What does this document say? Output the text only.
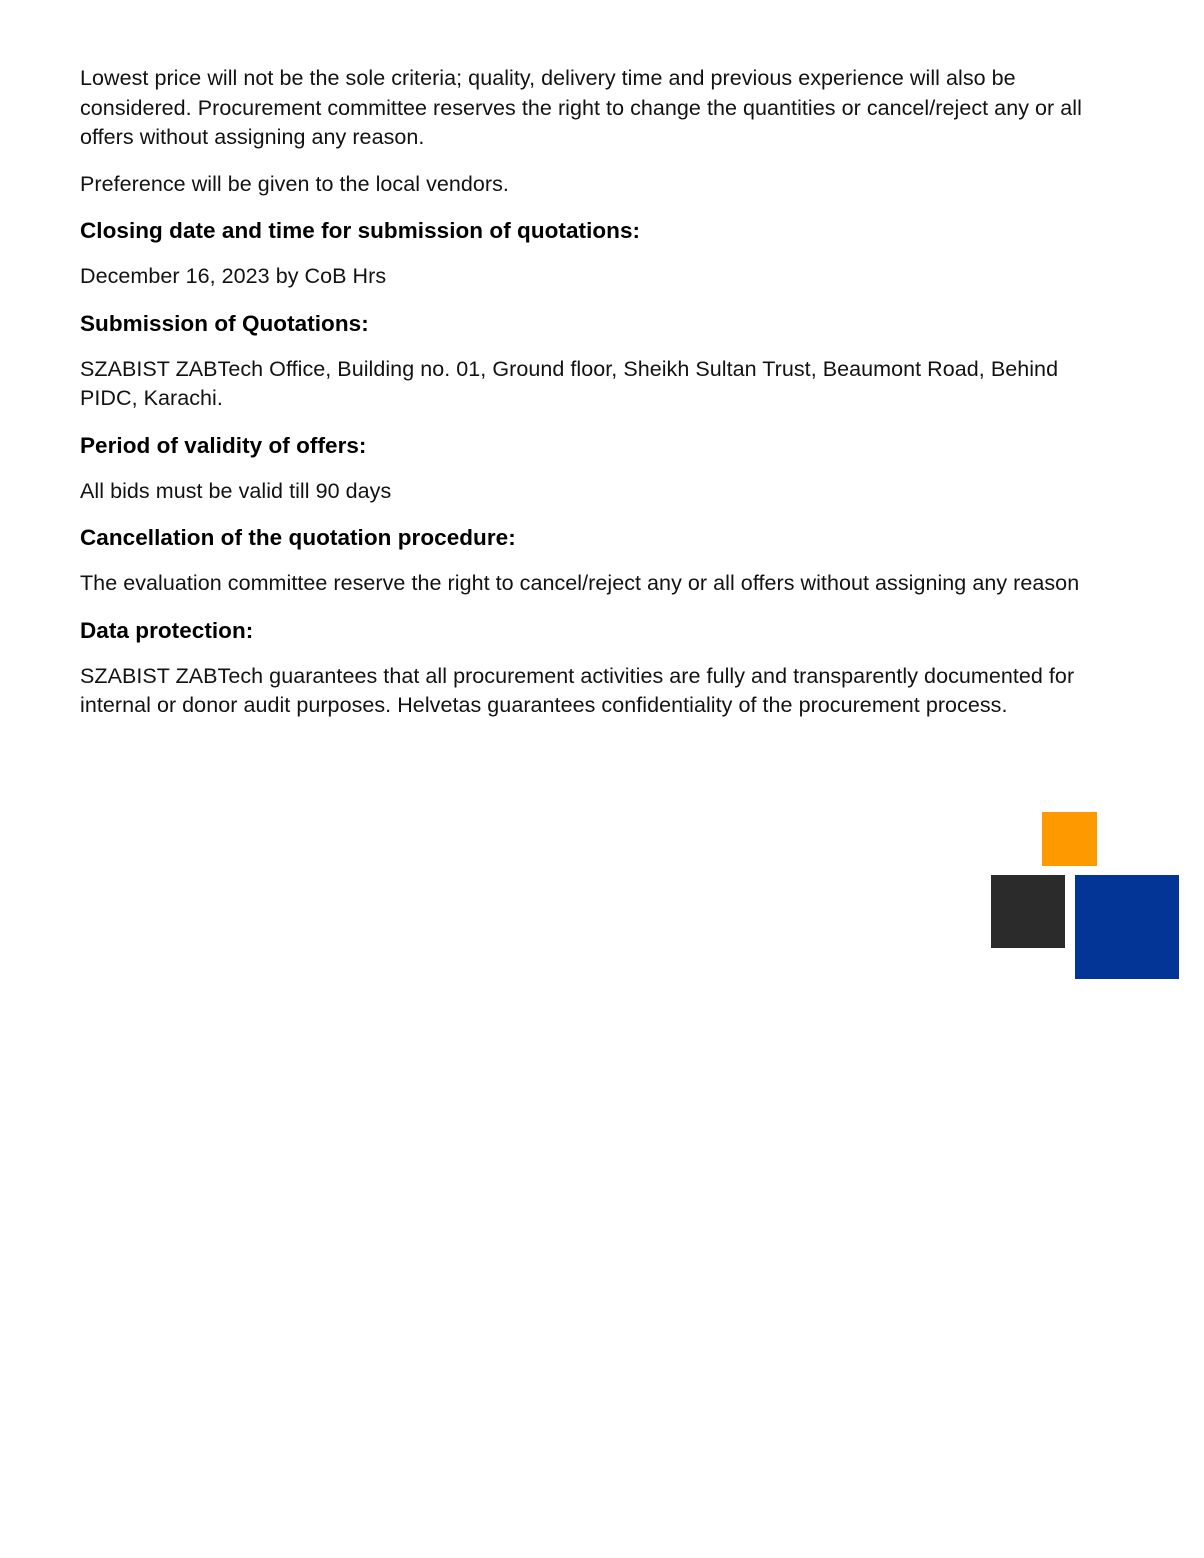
Lowest price will not be the sole criteria; quality, delivery time and previous experience will also be considered. Procurement committee reserves the right to change the quantities or cancel/reject any or all offers without assigning any reason.

Preference will be given to the local vendors.

Closing date and time for submission of quotations:

December 16, 2023 by CoB Hrs

Submission of Quotations:

SZABIST ZABTech Office, Building no. 01, Ground floor, Sheikh Sultan Trust, Beaumont Road, Behind PIDC, Karachi.

Period of validity of offers:

All bids must be valid till 90 days

Cancellation of the quotation procedure:

The evaluation committee reserve the right to cancel/reject any or all offers without assigning any reason

Data protection:

SZABIST ZABTech guarantees that all procurement activities are fully and transparently documented for internal or donor audit purposes. Helvetas guarantees confidentiality of the procurement process.
